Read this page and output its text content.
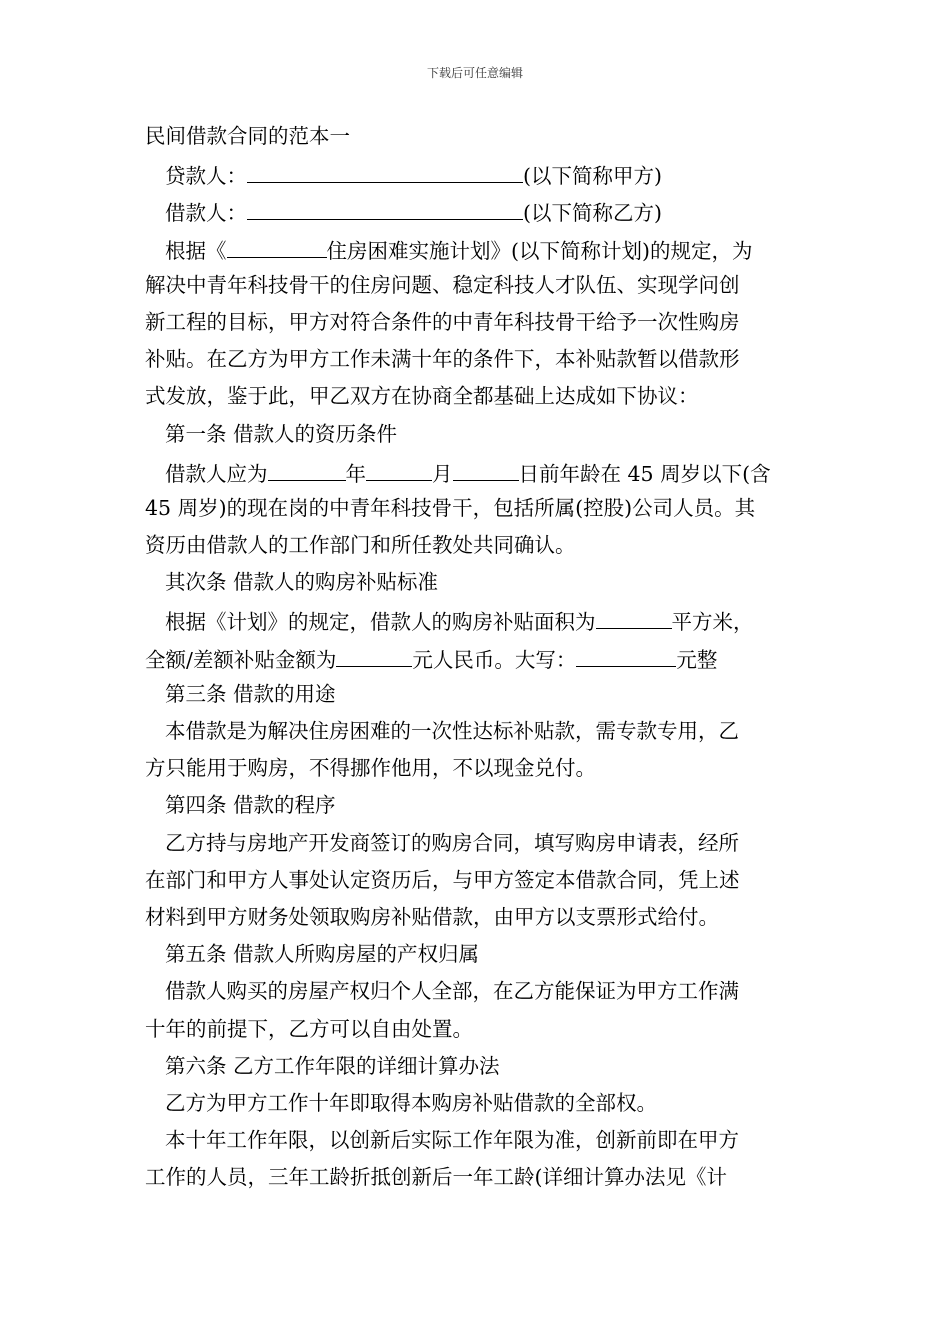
下载后可任意编辑
民间借款合同的范本一
贷款人：	(以下简称甲方)
借款人：	(以下简称乙方)
根据《	住房困难实施计划》(以下简称计划)的规定，为
解决中青年科技骨干的住房问题、稳定科技人才队伍、实现学问创
新工程的目标，甲方对符合条件的中青年科技骨干给予一次性购房
补贴。在乙方为甲方工作未满十年的条件下，本补贴款暂以借款形
式发放，鉴于此，甲乙双方在协商全都基础上达成如下协议：
第一条 借款人的资历条件
借款人应为	年	月	日前年龄在 45 周岁以下(含
45 周岁)的现在岗的中青年科技骨干，包括所属(控股)公司人员。其
资历由借款人的工作部门和所任教处共同确认。
其次条 借款人的购房补贴标准
根据《计划》的规定，借款人的购房补贴面积为	平方米，
全额/差额补贴金额为	元人民币。大写：	元整
第三条 借款的用途
本借款是为解决住房困难的一次性达标补贴款，需专款专用，乙
方只能用于购房，不得挪作他用，不以现金兑付。
第四条 借款的程序
乙方持与房地产开发商签订的购房合同，填写购房申请表，经所
在部门和甲方人事处认定资历后，与甲方签定本借款合同，凭上述
材料到甲方财务处领取购房补贴借款，由甲方以支票形式给付。
第五条 借款人所购房屋的产权归属
借款人购买的房屋产权归个人全部，在乙方能保证为甲方工作满
十年的前提下，乙方可以自由处置。
第六条 乙方工作年限的详细计算办法
乙方为甲方工作十年即取得本购房补贴借款的全部权。
本十年工作年限，以创新后实际工作年限为准，创新前即在甲方
工作的人员，三年工龄折抵创新后一年工龄(详细计算办法见《计
